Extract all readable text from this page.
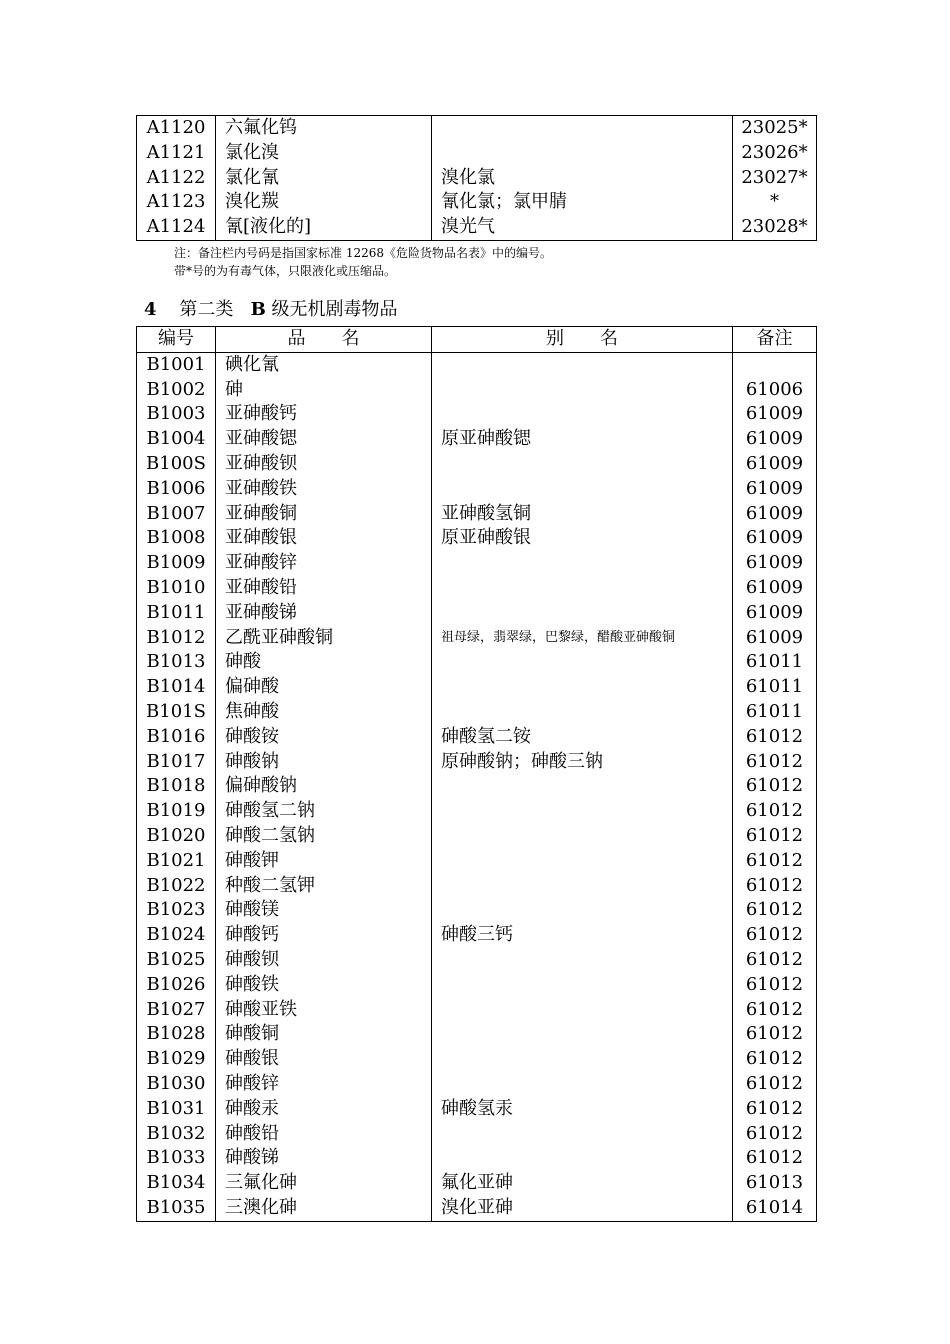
A1120	六氟化钨		23025*
A1121	氯化溴		23026*
A1122	氯化氰	溴化氯	23027*
A1123	溴化羰	氰化氯；氯甲腈	*
A1124	氰[液化的]	溴光气	23028*
注：备注栏内号码是指国家标准 12268《危险货物品名表》中的编号。
带*号的为有毒气体，只限液化或压缩品。
4 第二类 B 级无机剧毒物品
编号	品　　名	别　　名	备注
B1001	碘化氰		
B1002	砷		61006
B1003	亚砷酸钙		61009
B1004	亚砷酸锶	原亚砷酸锶	61009
B100S	亚砷酸钡		61009
B1006	亚砷酸铁		61009
B1007	亚砷酸铜	亚砷酸氢铜	61009
B1008	亚砷酸银	原亚砷酸银	61009
B1009	亚砷酸锌		61009
B1010	亚砷酸铅		61009
B1011	亚砷酸锑		61009
B1012	乙酰亚砷酸铜	祖母绿，翡翠绿，巴黎绿，醋酸亚砷酸铜	61009
B1013	砷酸		61011
B1014	偏砷酸		61011
B101S	焦砷酸		61011
B1016	砷酸铵	砷酸氢二铵	61012
B1017	砷酸钠	原砷酸钠；砷酸三钠	61012
B1018	偏砷酸钠		61012
B1019	砷酸氢二钠		61012
B1020	砷酸二氢钠		61012
B1021	砷酸钾		61012
B1022	种酸二氢钾		61012
B1023	砷酸镁		61012
B1024	砷酸钙	砷酸三钙	61012
B1025	砷酸钡		61012
B1026	砷酸铁		61012
B1027	砷酸亚铁		61012
B1028	砷酸铜		61012
B1029	砷酸银		61012
B1030	砷酸锌		61012
B1031	砷酸汞	砷酸氢汞	61012
B1032	砷酸铅		61012
B1033	砷酸锑		61012
B1034	三氟化砷	氟化亚砷	61013
B1035	三澳化砷	溴化亚砷	61014
